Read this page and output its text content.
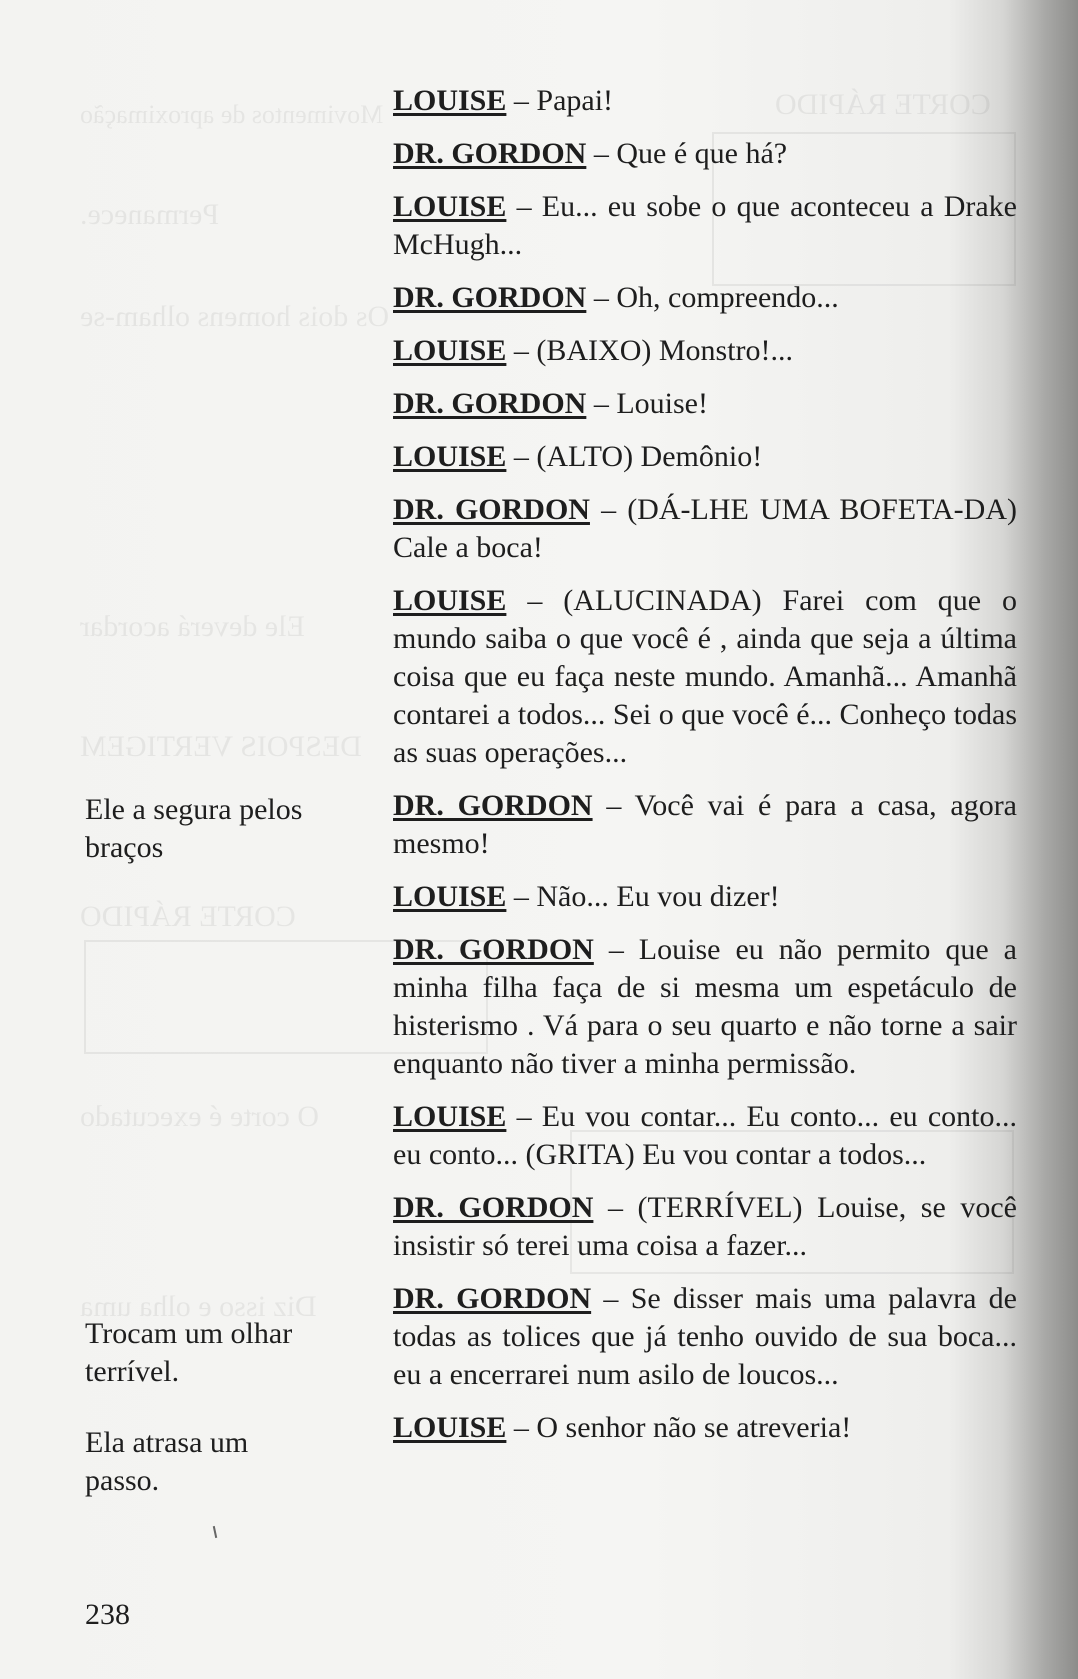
CORTE RÁPIDO
Movimentos de aproximação
Permanece.
Os dois homens olham-se
Ele deverá acordar
DESPOIS VERTIGEM
CORTE RÁPIDO
O corte é executado
Diz isso e olha uma

LOUISE – Papai!

DR. GORDON – Que é que há?

LOUISE – Eu... eu sobe o que aconteceu a Drake McHugh...

DR. GORDON – Oh, compreendo...

LOUISE – (BAIXO) Monstro!...

DR. GORDON – Louise!

LOUISE – (ALTO) Demônio!

DR. GORDON – (DÁ-LHE UMA BOFETA-DA) Cale a boca!

LOUISE – (ALUCINADA) Farei com que o mundo saiba o que você é , ainda que seja a última coisa que eu faça neste mundo. Amanhã... Amanhã contarei a todos... Sei o que você é... Conheço todas as suas operações...

DR. GORDON – Você vai é para a casa, agora mesmo!

LOUISE – Não... Eu vou dizer!

DR. GORDON – Louise eu não permito que a minha filha faça de si mesma um espetáculo de histerismo . Vá para o seu quarto e não torne a sair enquanto não tiver a minha permissão.

LOUISE – Eu vou contar... Eu conto... eu conto... eu conto... (GRITA) Eu vou contar a todos...

DR. GORDON – (TERRÍVEL) Louise, se você insistir só terei uma coisa a fazer...

DR. GORDON – Se disser mais uma palavra de todas as tolices que já tenho ouvido de sua boca... eu a encerrarei num asilo de loucos...

LOUISE – O senhor não se atreveria!

Ele a segura pelos braços
Trocam um olhar terrível.
Ela atrasa um passo.
238
